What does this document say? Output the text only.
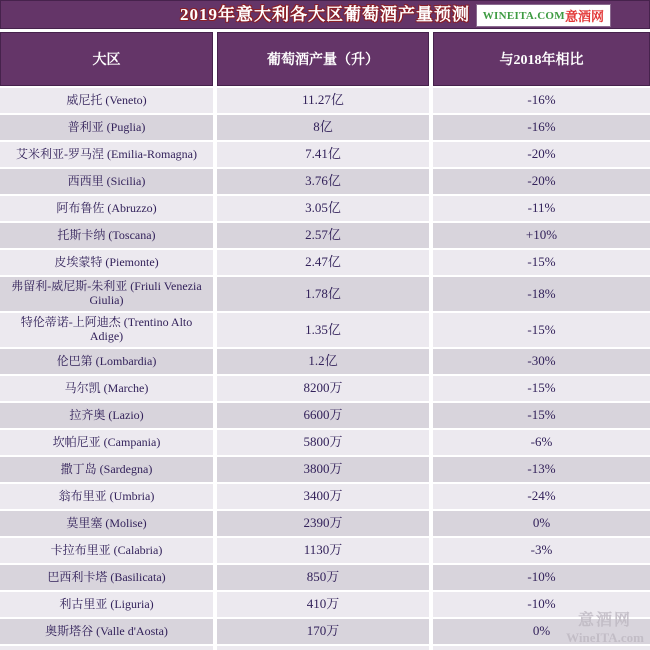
2019年意大利各大区葡萄酒产量预测	WINEITA.COM 意酒网
大区	葡萄酒产量（升）	与2018年相比
威尼托 (Veneto)	11.27亿	-16%
普利亚 (Puglia)	8亿	-16%
艾米利亚-罗马涅 (Emilia-Romagna)	7.41亿	-20%
西西里 (Sicilia)	3.76亿	-20%
阿布鲁佐 (Abruzzo)	3.05亿	-11%
托斯卡纳 (Toscana)	2.57亿	+10%
皮埃蒙特 (Piemonte)	2.47亿	-15%
弗留利-威尼斯-朱利亚 (Friuli Venezia Giulia)	1.78亿	-18%
特伦蒂诺-上阿迪杰 (Trentino Alto Adige)	1.35亿	-15%
伦巴第 (Lombardia)	1.2亿	-30%
马尔凯 (Marche)	8200万	-15%
拉齐奥 (Lazio)	6600万	-15%
坎帕尼亚 (Campania)	5800万	-6%
撒丁岛 (Sardegna)	3800万	-13%
翁布里亚 (Umbria)	3400万	-24%
莫里塞 (Molise)	2390万	0%
卡拉布里亚 (Calabria)	1130万	-3%
巴西利卡塔 (Basilicata)	850万	-10%
利古里亚 (Liguria)	410万	-10%
奥斯塔谷 (Valle d'Aosta)	170万	0%
意酒网
WineITA.com
